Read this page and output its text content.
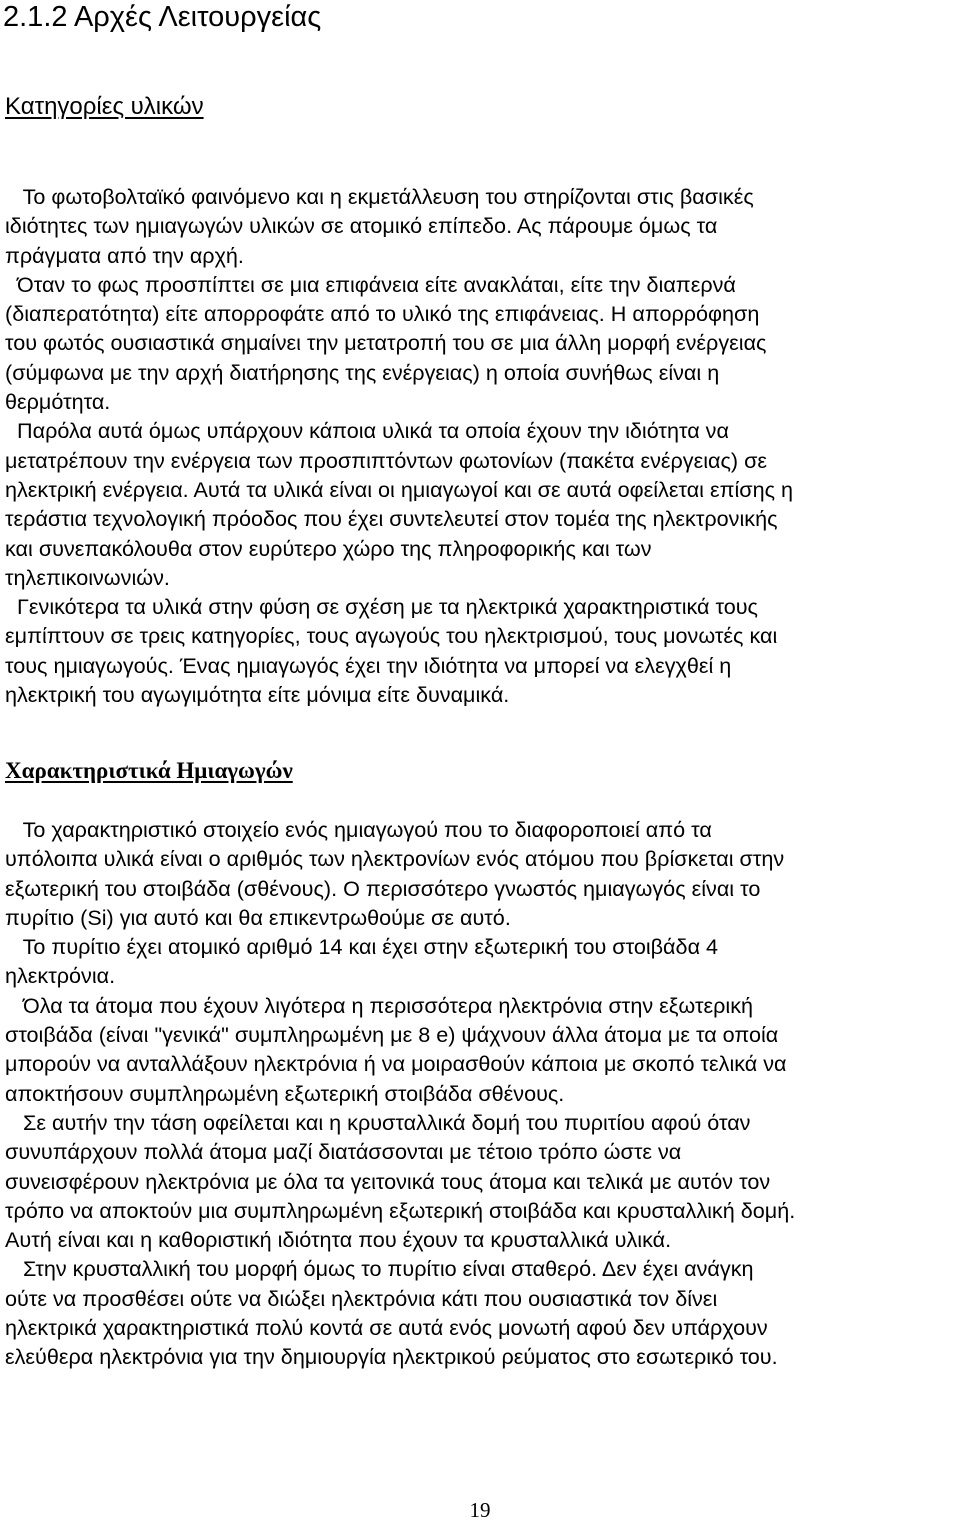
2.1.2 Αρχές Λειτουργείας
Κατηγορίες υλικών
Το φωτοβολταϊκό φαινόμενο και η εκμετάλλευση του στηρίζονται στις βασικές
ιδιότητες των ημιαγωγών υλικών σε ατομικό επίπεδο. Ας πάρουμε όμως τα
πράγματα από την αρχή.
Όταν το φως προσπίπτει σε μια επιφάνεια είτε ανακλάται, είτε την διαπερνά
(διαπερατότητα) είτε απορροφάτε από το υλικό της επιφάνειας. Η απορρόφηση
του φωτός ουσιαστικά σημαίνει την μετατροπή του σε μια άλλη μορφή ενέργειας
(σύμφωνα με την αρχή διατήρησης της ενέργειας) η οποία συνήθως είναι η
θερμότητα.
Παρόλα αυτά όμως υπάρχουν κάποια υλικά τα οποία έχουν την ιδιότητα να
μετατρέπουν την ενέργεια των προσπιπτόντων φωτονίων (πακέτα ενέργειας) σε
ηλεκτρική ενέργεια. Αυτά τα υλικά είναι οι ημιαγωγοί και σε αυτά οφείλεται επίσης η
τεράστια τεχνολογική πρόοδος που έχει συντελευτεί στον τομέα της ηλεκτρονικής
και συνεπακόλουθα στον ευρύτερο χώρο της πληροφορικής και των
τηλεπικοινωνιών.
Γενικότερα τα υλικά στην φύση σε σχέση με τα ηλεκτρικά χαρακτηριστικά τους
εμπίπτουν σε τρεις κατηγορίες, τους αγωγούς του ηλεκτρισμού, τους μονωτές και
τους ημιαγωγούς. Ένας ημιαγωγός έχει την ιδιότητα να μπορεί να ελεγχθεί η
ηλεκτρική του αγωγιμότητα είτε μόνιμα είτε δυναμικά.
Χαρακτηριστικά Ημιαγωγών
Το χαρακτηριστικό στοιχείο ενός ημιαγωγού που το διαφοροποιεί από τα
υπόλοιπα υλικά είναι ο αριθμός των ηλεκτρονίων ενός ατόμου που βρίσκεται στην
εξωτερική του στοιβάδα (σθένους). Ο περισσότερο γνωστός ημιαγωγός είναι το
πυρίτιο (Si) για αυτό και θα επικεντρωθούμε σε αυτό.
Το πυρίτιο έχει ατομικό αριθμό 14 και έχει στην εξωτερική του στοιβάδα 4
ηλεκτρόνια.
Όλα τα άτομα που έχουν λιγότερα η περισσότερα ηλεκτρόνια στην εξωτερική
στοιβάδα (είναι "γενικά" συμπληρωμένη με 8 e) ψάχνουν άλλα άτομα με τα οποία
μπορούν να ανταλλάξουν ηλεκτρόνια ή να μοιρασθούν κάποια με σκοπό τελικά να
αποκτήσουν συμπληρωμένη εξωτερική στοιβάδα σθένους.
Σε αυτήν την τάση οφείλεται και η κρυσταλλικά δομή του πυριτίου αφού όταν
συνυπάρχουν πολλά άτομα μαζί διατάσσονται με τέτοιο τρόπο ώστε να
συνεισφέρουν ηλεκτρόνια με όλα τα γειτονικά τους άτομα και τελικά με αυτόν τον
τρόπο να αποκτούν μια συμπληρωμένη εξωτερική στοιβάδα και κρυσταλλική δομή.
Αυτή είναι και η καθοριστική ιδιότητα που έχουν τα κρυσταλλικά υλικά.
Στην κρυσταλλική του μορφή όμως το πυρίτιο είναι σταθερό. Δεν έχει ανάγκη
ούτε να προσθέσει ούτε να διώξει ηλεκτρόνια κάτι που ουσιαστικά τον δίνει
ηλεκτρικά χαρακτηριστικά πολύ κοντά σε αυτά ενός μονωτή αφού δεν υπάρχουν
ελεύθερα ηλεκτρόνια για την δημιουργία ηλεκτρικού ρεύματος στο εσωτερικό του.
19
